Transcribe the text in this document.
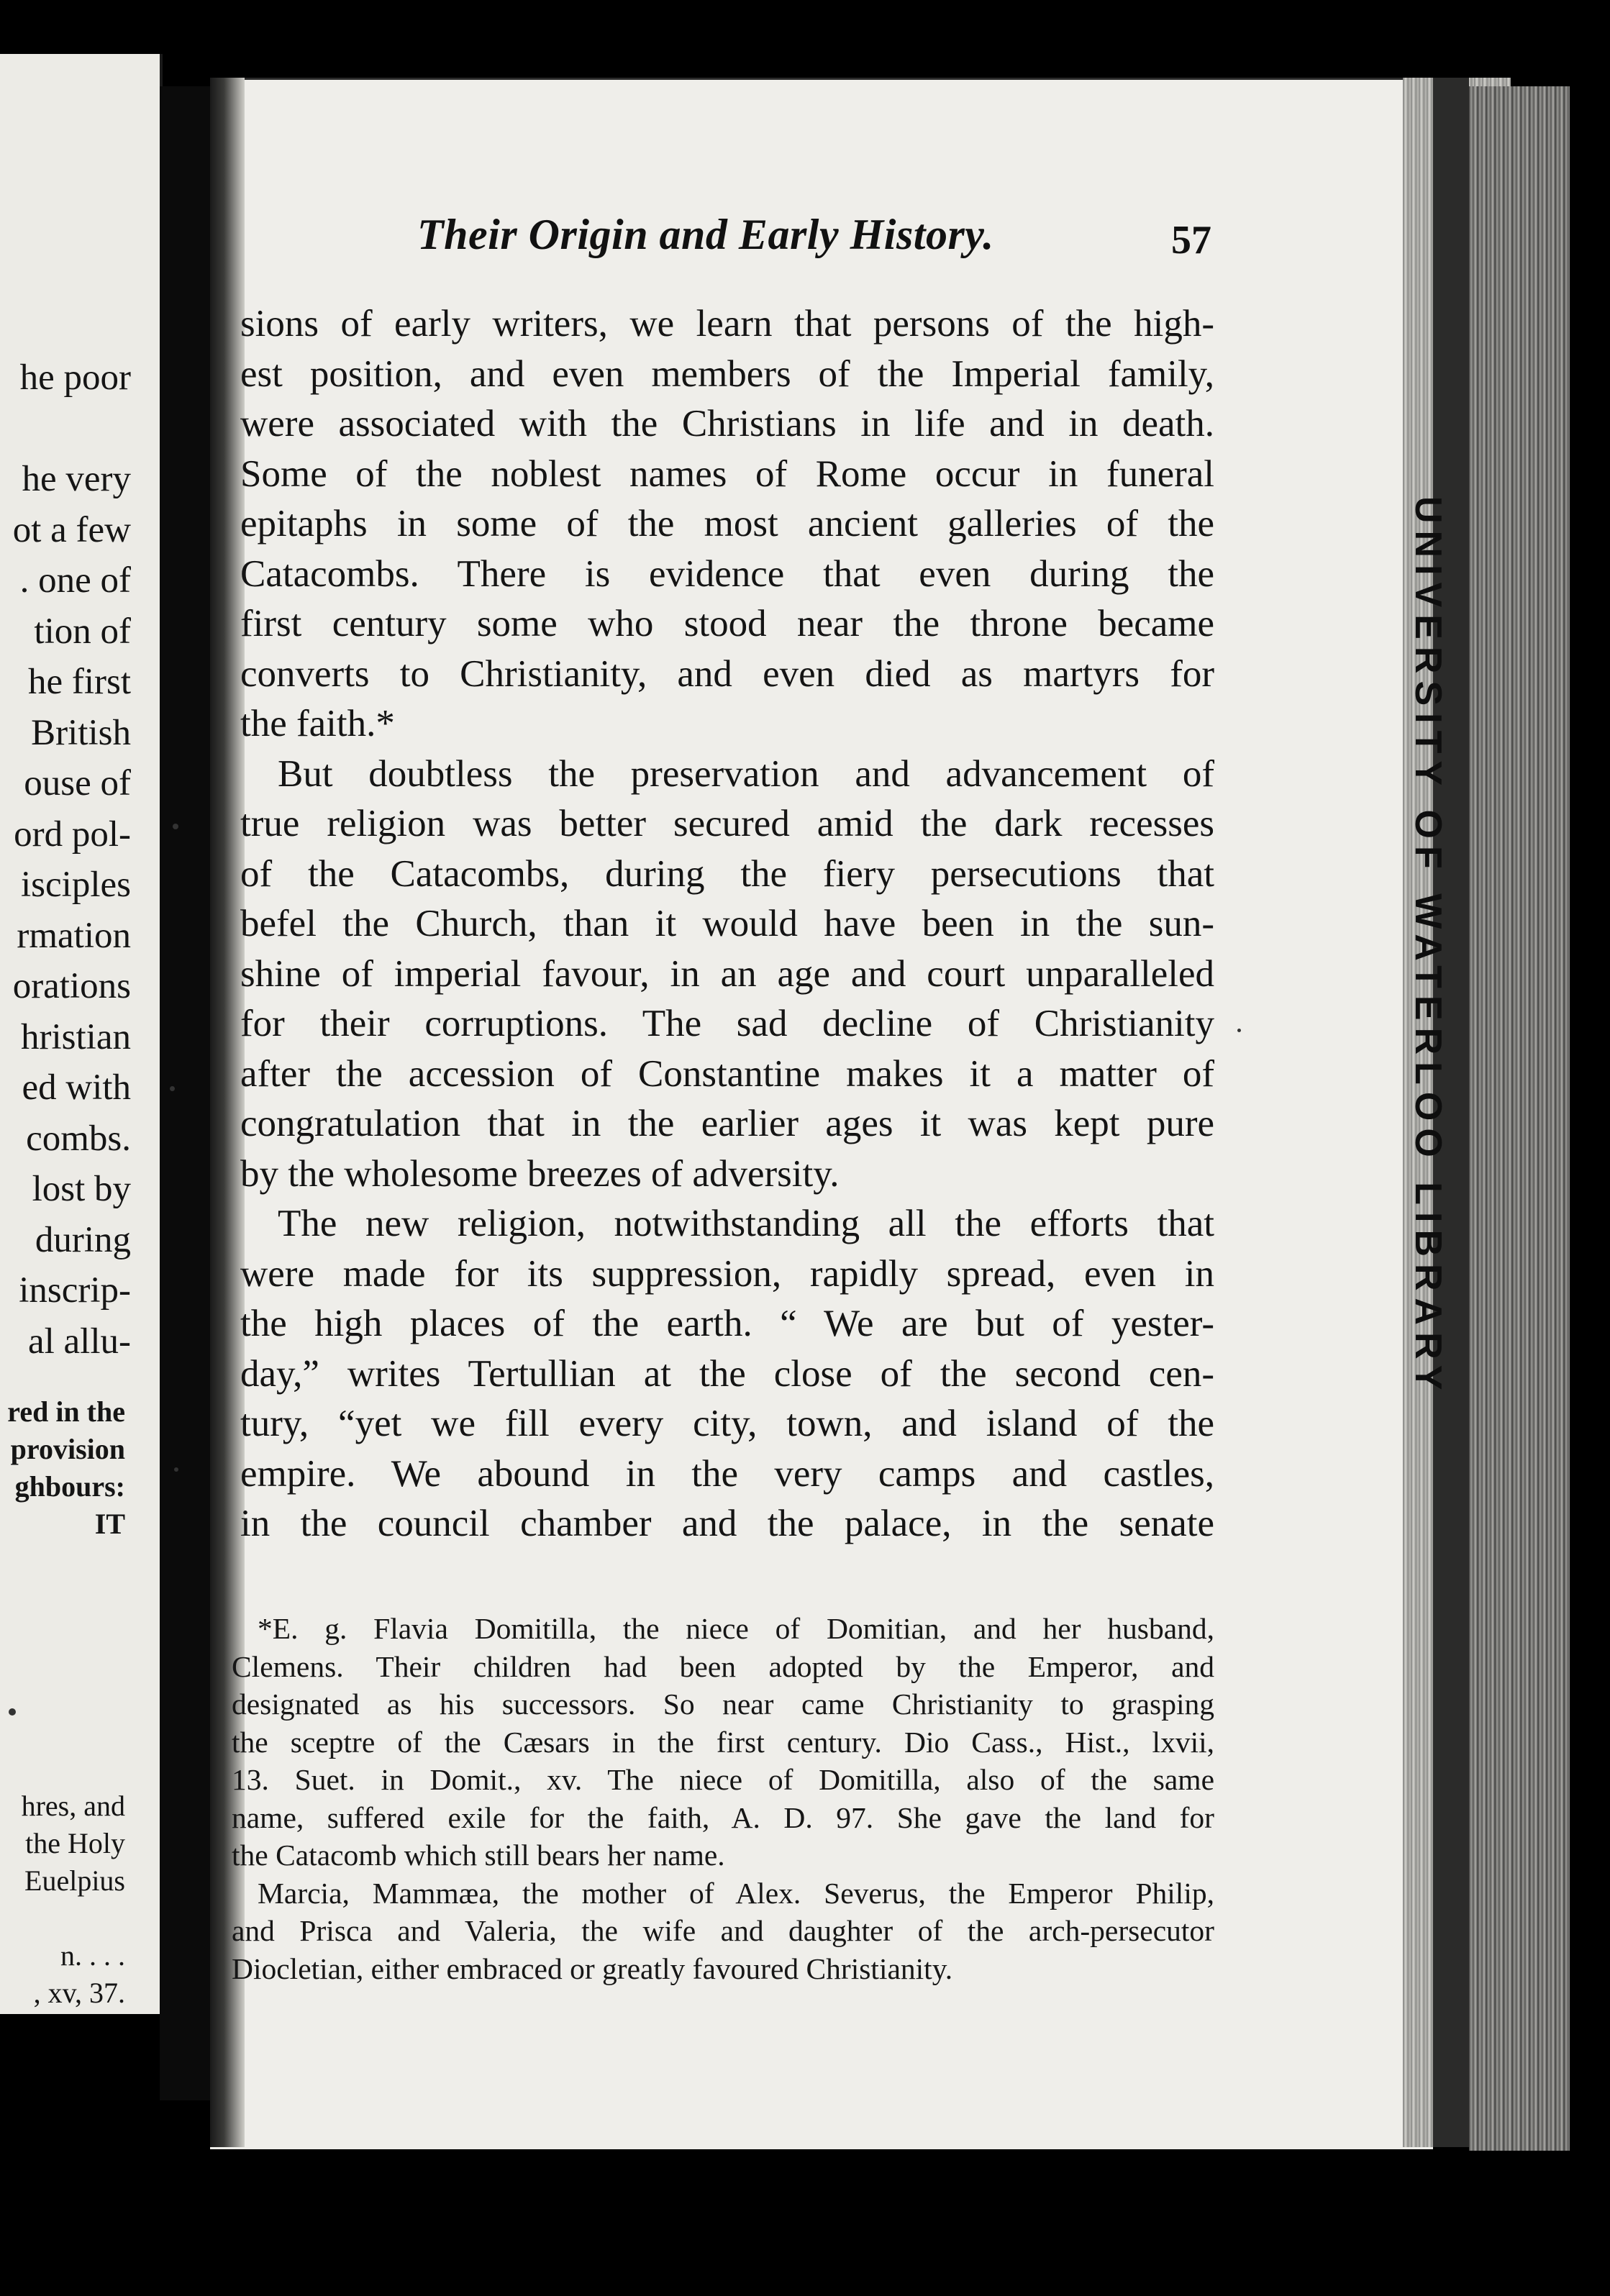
he poor

he very
ot a few
. one of
tion of
he first
British
ouse of
ord pol-
isciples
rmation
orations
hristian
ed with
combs.
lost by
during
inscrip-
al allu-
red in the
provision
ghbours:
IT
hres, and
the Holy
Euelpius

n. . . .
, xv, 37.
Their Origin and Early History.	57
sions of early writers, we learn that persons of the high-
est position, and even members of the Imperial family,
were associated with the Christians in life and in death.
Some of the noblest names of Rome occur in funeral
epitaphs in some of the most ancient galleries of the
Catacombs. There is evidence that even during the
first century some who stood near the throne became
converts to Christianity, and even died as martyrs for
the faith.*
But doubtless the preservation and advancement of
true religion was better secured amid the dark recesses
of the Catacombs, during the fiery persecutions that
befel the Church, than it would have been in the sun-
shine of imperial favour, in an age and court unparalleled
for their corruptions. The sad decline of Christianity
after the accession of Constantine makes it a matter of
congratulation that in the earlier ages it was kept pure
by the wholesome breezes of adversity.
The new religion, notwithstanding all the efforts that
were made for its suppression, rapidly spread, even in
the high places of the earth. “ We are but of yester-
day,” writes Tertullian at the close of the second cen-
tury, “yet we fill every city, town, and island of the
empire. We abound in the very camps and castles,
in the council chamber and the palace, in the senate
*E. g. Flavia Domitilla, the niece of Domitian, and her husband,
Clemens. Their children had been adopted by the Emperor, and
designated as his successors. So near came Christianity to grasping
the sceptre of the Cæsars in the first century. Dio Cass., Hist., lxvii,
13. Suet. in Domit., xv. The niece of Domitilla, also of the same
name, suffered exile for the faith, A. D. 97. She gave the land for
the Catacomb which still bears her name.
Marcia, Mammæa, the mother of Alex. Severus, the Emperor Philip,
and Prisca and Valeria, the wife and daughter of the arch-persecutor
Diocletian, either embraced or greatly favoured Christianity.
UNIVERSITY OF WATERLOO LIBRARY
